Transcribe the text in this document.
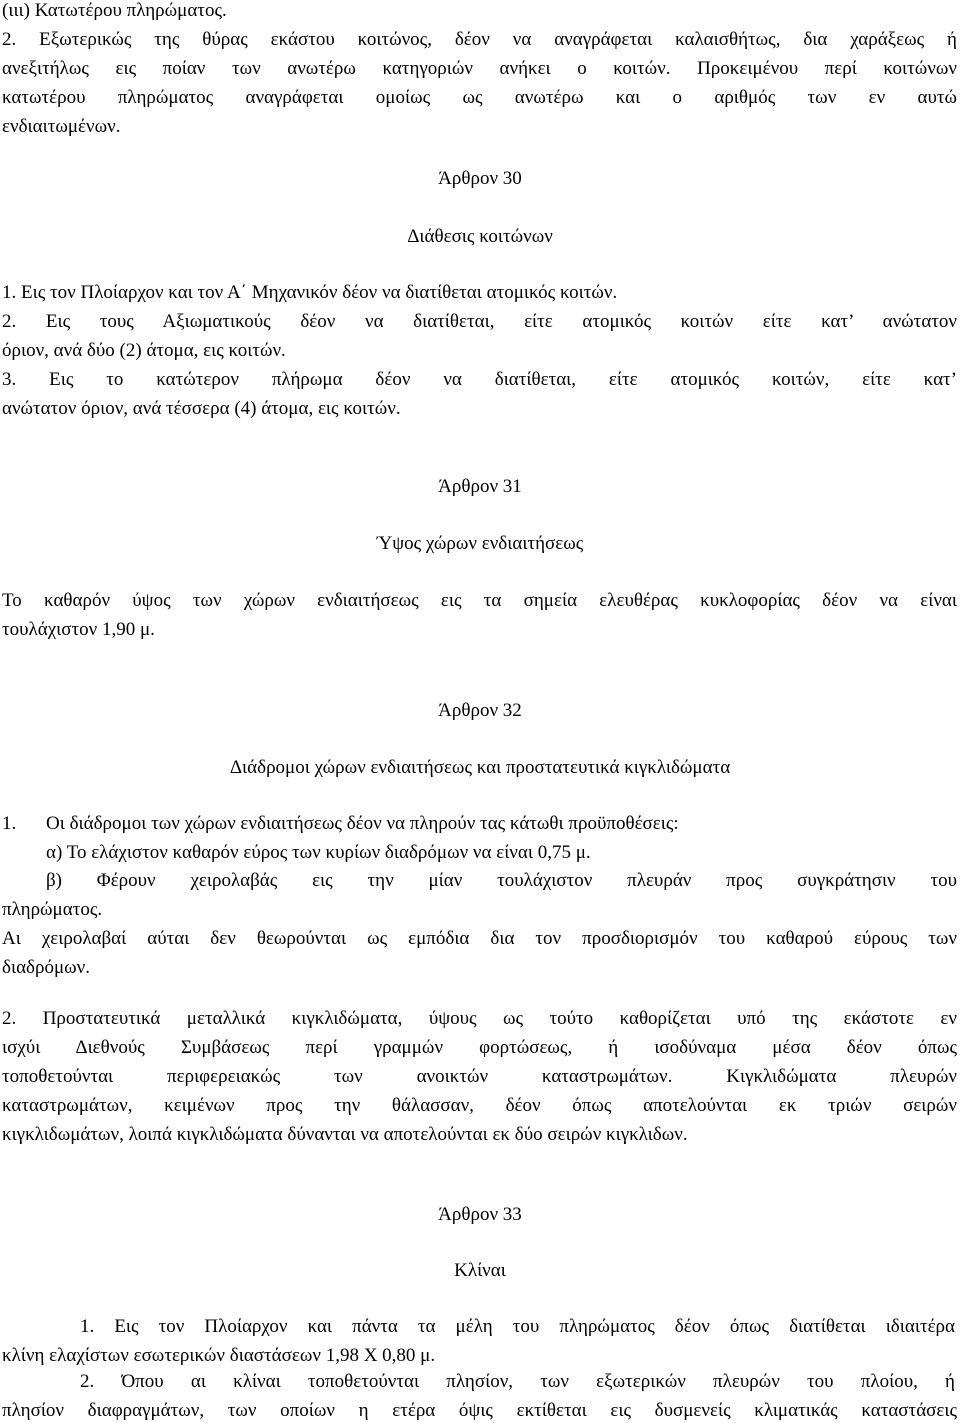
(ιιι) Κατωτέρου πληρώματος.
2. Εξωτερικώς της θύρας εκάστου κοιτώνος, δέον να αναγράφεται καλαισθήτως, δια χαράξεως ή
ανεξιτήλως εις ποίαν των ανωτέρω κατηγοριών ανήκει ο κοιτών. Προκειμένου περί κοιτώνων
κατωτέρου πληρώματος αναγράφεται ομοίως ως ανωτέρω και ο αριθμός των εν αυτώ
ενδιαιτωμένων.
Άρθρον 30
Διάθεσις κοιτώνων
1. Εις τον Πλοίαρχον και τον Α΄ Μηχανικόν δέον να διατίθεται ατομικός κοιτών.
2. Εις τους Αξιωματικούς δέον να διατίθεται, είτε ατομικός κοιτών είτε κατ’ ανώτατον
όριον, ανά δύο (2) άτομα, εις κοιτών.
3. Εις το κατώτερον πλήρωμα δέον να διατίθεται, είτε ατομικός κοιτών, είτε κατ’
ανώτατον όριον, ανά τέσσερα (4) άτομα, εις κοιτών.
Άρθρον 31
Ύψος χώρων ενδιαιτήσεως
Το καθαρόν ύψος των χώρων ενδιαιτήσεως εις τα σημεία ελευθέρας κυκλοφορίας δέον να είναι
τουλάχιστον 1,90 μ.
Άρθρον 32
Διάδρομοι χώρων ενδιαιτήσεως και προστατευτικά κιγκλιδώματα
1. Οι διάδρομοι των χώρων ενδιαιτήσεως δέον να πληρούν τας κάτωθι προϋποθέσεις:
α) Το ελάχιστον καθαρόν εύρος των κυρίων διαδρόμων να είναι 0,75 μ.
β) Φέρουν χειρολαβάς εις την μίαν τουλάχιστον πλευράν προς συγκράτησιν του
πληρώματος.
Αι χειρολαβαί αύται δεν θεωρούνται ως εμπόδια δια τον προσδιορισμόν του καθαρού εύρους των
διαδρόμων.
2. Προστατευτικά μεταλλικά κιγκλιδώματα, ύψους ως τούτο καθορίζεται υπό της εκάστοτε εν
ισχύι Διεθνούς Συμβάσεως περί γραμμών φορτώσεως, ή ισοδύναμα μέσα δέον όπως
τοποθετούνται περιφερειακώς των ανοικτών καταστρωμάτων. Κιγκλιδώματα πλευρών
καταστρωμάτων, κειμένων προς την θάλασσαν, δέον όπως αποτελούνται εκ τριών σειρών
κιγκλιδωμάτων, λοιπά κιγκλιδώματα δύνανται να αποτελούνται εκ δύο σειρών κιγκλιδων.
Άρθρον 33
Κλίναι
1. Εις τον Πλοίαρχον και πάντα τα μέλη του πληρώματος δέον όπως διατίθεται ιδιαιτέρα
κλίνη ελαχίστων εσωτερικών διαστάσεων 1,98 Χ 0,80 μ.
2. Όπου αι κλίναι τοποθετούνται πλησίον, των εξωτερικών πλευρών του πλοίου, ή
πλησίον διαφραγμάτων, των οποίων η ετέρα όψις εκτίθεται εις δυσμενείς κλιματικάς καταστάσεις
